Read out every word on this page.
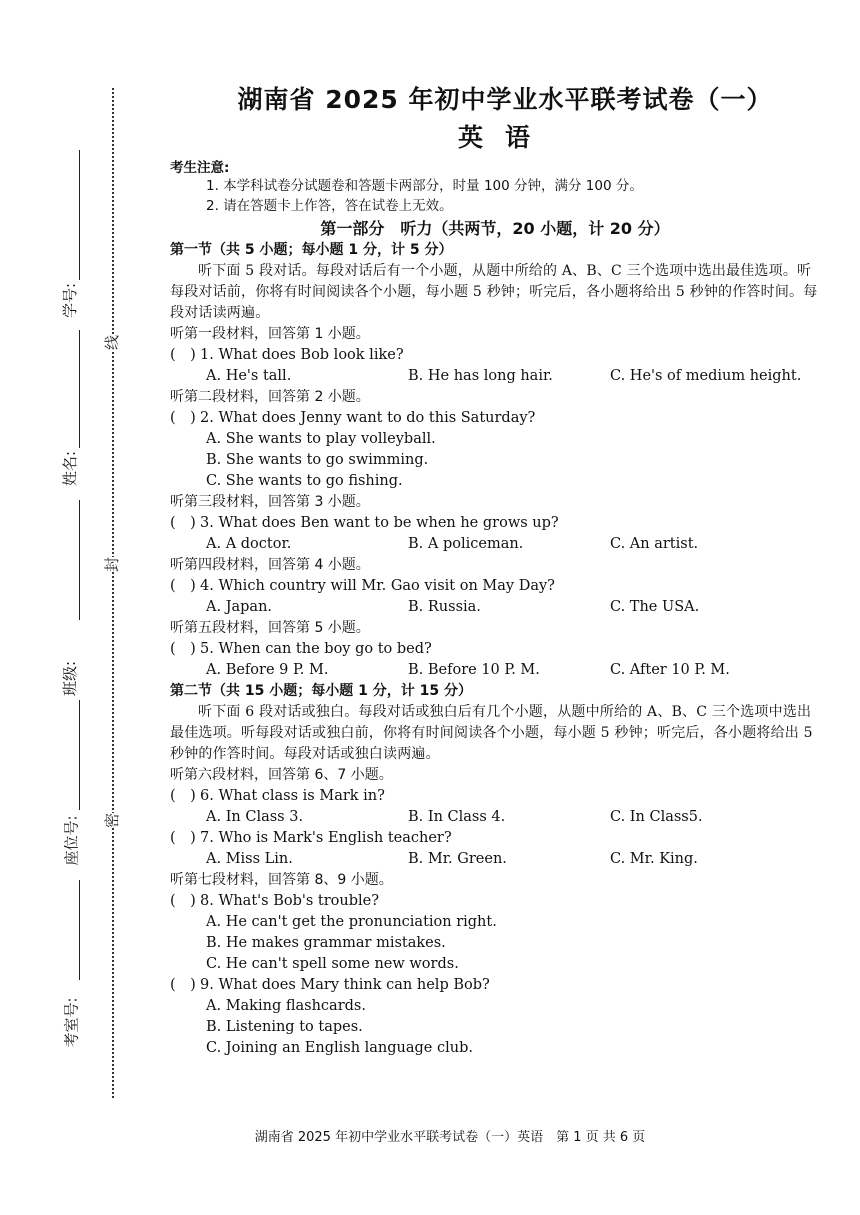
学号:
姓名:
班级:
座位号:
考室号:
线
封
密
湖南省 2025 年初中学业水平联考试卷（一）
英语
考生注意:
1. 本学科试卷分试题卷和答题卡两部分，时量 100 分钟，满分 100 分。
2. 请在答题卡上作答，答在试卷上无效。
第一部分　听力（共两节，20 小题，计 20 分）
第一节（共 5 小题；每小题 1 分，计 5 分）
听下面 5 段对话。每段对话后有一个小题，从题中所给的 A、B、C 三个选项中选出最佳选项。听每段对话前，你将有时间阅读各个小题，每小题 5 秒钟；听完后，各小题将给出 5 秒钟的作答时间。每段对话读两遍。
听第一段材料，回答第 1 小题。
(　) 1. What does Bob look like?
A. He's tall.	B. He has long hair.	C. He's of medium height.
听第二段材料，回答第 2 小题。
(　) 2. What does Jenny want to do this Saturday?
A. She wants to play volleyball.
B. She wants to go swimming.
C. She wants to go fishing.
听第三段材料，回答第 3 小题。
(　) 3. What does Ben want to be when he grows up?
A. A doctor.	B. A policeman.	C. An artist.
听第四段材料，回答第 4 小题。
(　) 4. Which country will Mr. Gao visit on May Day?
A. Japan.	B. Russia.	C. The USA.
听第五段材料，回答第 5 小题。
(　) 5. When can the boy go to bed?
A. Before 9 P. M.	B. Before 10 P. M.	C. After 10 P. M.
第二节（共 15 小题；每小题 1 分，计 15 分）
听下面 6 段对话或独白。每段对话或独白后有几个小题，从题中所给的 A、B、C 三个选项中选出最佳选项。听每段对话或独白前，你将有时间阅读各个小题，每小题 5 秒钟；听完后，各小题将给出 5 秒钟的作答时间。每段对话或独白读两遍。
听第六段材料，回答第 6、7 小题。
(　) 6. What class is Mark in?
A. In Class 3.	B. In Class 4.	C. In Class5.
(　) 7. Who is Mark's English teacher?
A. Miss Lin.	B. Mr. Green.	C. Mr. King.
听第七段材料，回答第 8、9 小题。
(　) 8. What's Bob's trouble?
A. He can't get the pronunciation right.
B. He makes grammar mistakes.
C. He can't spell some new words.
(　) 9. What does Mary think can help Bob?
A. Making flashcards.
B. Listening to tapes.
C. Joining an English language club.
湖南省 2025 年初中学业水平联考试卷（一）英语　第 1 页 共 6 页
